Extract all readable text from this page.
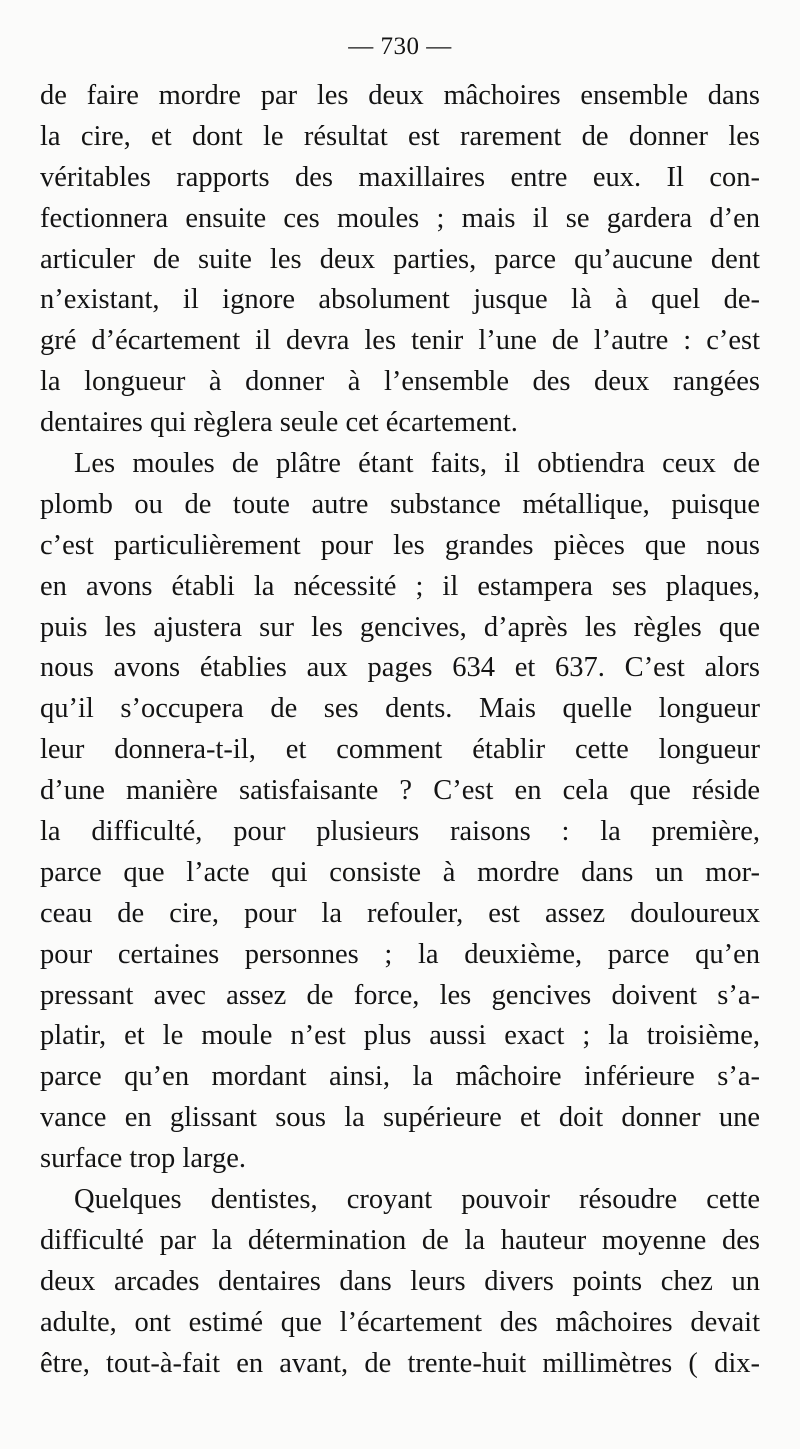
— 730 —
de faire mordre par les deux mâchoires ensemble dans
la cire, et dont le résultat est rarement de donner les
véritables rapports des maxillaires entre eux. Il con-
fectionnera ensuite ces moules ; mais il se gardera d’en
articuler de suite les deux parties, parce qu’aucune dent
n’existant, il ignore absolument jusque là à quel de-
gré d’écartement il devra les tenir l’une de l’autre : c’est
la longueur à donner à l’ensemble des deux rangées
dentaires qui règlera seule cet écartement.
Les moules de plâtre étant faits, il obtiendra ceux de
plomb ou de toute autre substance métallique, puisque
c’est particulièrement pour les grandes pièces que nous
en avons établi la nécessité ; il estampera ses plaques,
puis les ajustera sur les gencives, d’après les règles que
nous avons établies aux pages 634 et 637. C’est alors
qu’il s’occupera de ses dents. Mais quelle longueur
leur donnera-t-il, et comment établir cette longueur
d’une manière satisfaisante ? C’est en cela que réside
la difficulté, pour plusieurs raisons : la première,
parce que l’acte qui consiste à mordre dans un mor-
ceau de cire, pour la refouler, est assez douloureux
pour certaines personnes ; la deuxième, parce qu’en
pressant avec assez de force, les gencives doivent s’a-
platir, et le moule n’est plus aussi exact ; la troisième,
parce qu’en mordant ainsi, la mâchoire inférieure s’a-
vance en glissant sous la supérieure et doit donner une
surface trop large.
Quelques dentistes, croyant pouvoir résoudre cette
difficulté par la détermination de la hauteur moyenne des
deux arcades dentaires dans leurs divers points chez un
adulte, ont estimé que l’écartement des mâchoires devait
être, tout-à-fait en avant, de trente-huit millimètres ( dix-
